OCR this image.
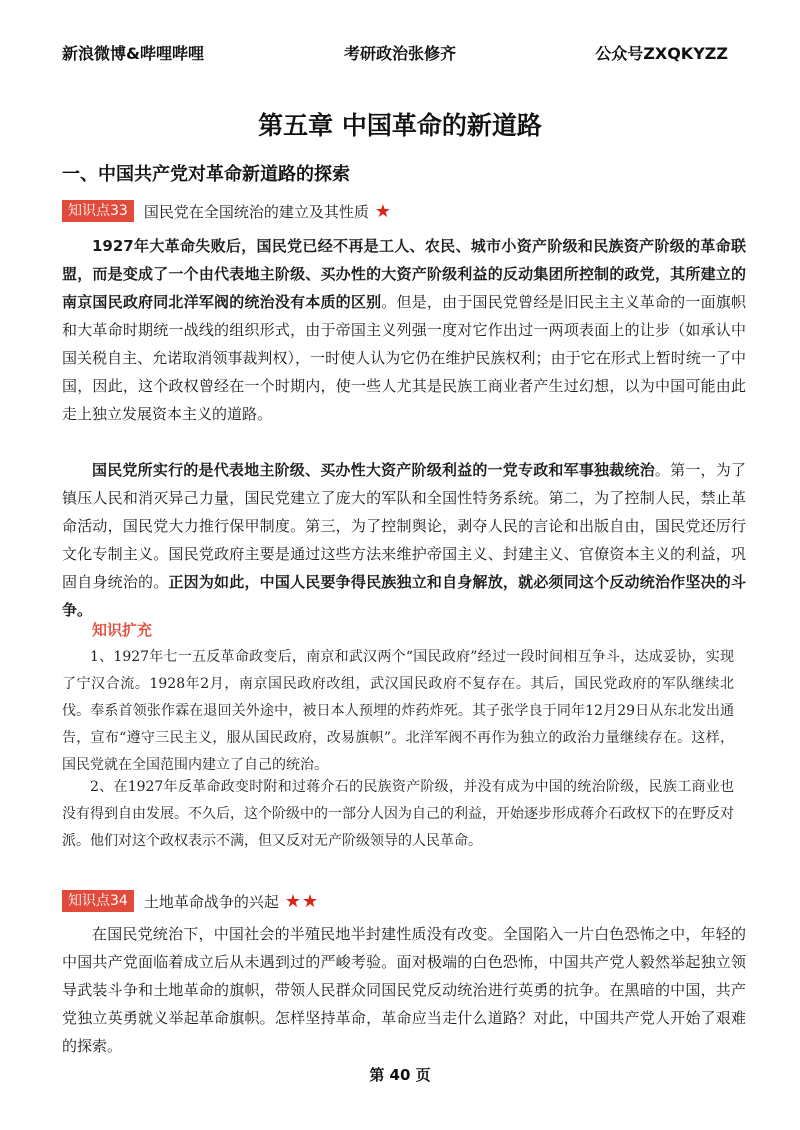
新浪微博&哔哩哔哩	考研政治张修齐	公众号ZXQKYZZ
第五章 中国革命的新道路
一、中国共产党对革命新道路的探索
知识点33	国民党在全国统治的建立及其性质 ★

1927年大革命失败后，国民党已经不再是工人、农民、城市小资产阶级和民族资产阶级的革命联盟，而是变成了一个由代表地主阶级、买办性的大资产阶级利益的反动集团所控制的政党，其所建立的南京国民政府同北洋军阀的统治没有本质的区别。但是，由于国民党曾经是旧民主主义革命的一面旗帜和大革命时期统一战线的组织形式，由于帝国主义列强一度对它作出过一两项表面上的让步（如承认中国关税自主、允诺取消领事裁判权），一时使人认为它仍在维护民族权利；由于它在形式上暂时统一了中国，因此，这个政权曾经在一个时期内，使一些人尤其是民族工商业者产生过幻想，以为中国可能由此走上独立发展资本主义的道路。

国民党所实行的是代表地主阶级、买办性大资产阶级利益的一党专政和军事独裁统治。第一，为了镇压人民和消灭异己力量，国民党建立了庞大的军队和全国性特务系统。第二，为了控制人民，禁止革命活动，国民党大力推行保甲制度。第三，为了控制舆论，剥夺人民的言论和出版自由，国民党还厉行文化专制主义。国民党政府主要是通过这些方法来维护帝国主义、封建主义、官僚资本主义的利益，巩固自身统治的。正因为如此，中国人民要争得民族独立和自身解放，就必须同这个反动统治作坚决的斗争。

知识扩充

1、1927年七一五反革命政变后，南京和武汉两个“国民政府”经过一段时间相互争斗，达成妥协，实现了宁汉合流。1928年2月，南京国民政府改组，武汉国民政府不复存在。其后，国民党政府的军队继续北伐。奉系首领张作霖在退回关外途中，被日本人预埋的炸药炸死。其子张学良于同年12月29日从东北发出通告，宣布“遵守三民主义，服从国民政府，改易旗帜”。北洋军阀不再作为独立的政治力量继续存在。这样，国民党就在全国范围内建立了自己的统治。

2、在1927年反革命政变时附和过蒋介石的民族资产阶级，并没有成为中国的统治阶级，民族工商业也没有得到自由发展。不久后，这个阶级中的一部分人因为自己的利益，开始逐步形成蒋介石政权下的在野反对派。他们对这个政权表示不满，但又反对无产阶级领导的人民革命。

知识点34	土地革命战争的兴起 ★★

在国民党统治下，中国社会的半殖民地半封建性质没有改变。全国陷入一片白色恐怖之中，年轻的中国共产党面临着成立后从未遇到过的严峻考验。面对极端的白色恐怖，中国共产党人毅然举起独立领导武装斗争和土地革命的旗帜，带领人民群众同国民党反动统治进行英勇的抗争。在黑暗的中国，共产党独立英勇就义举起革命旗帜。怎样坚持革命，革命应当走什么道路？对此，中国共产党人开始了艰难的探索。

第 40 页
